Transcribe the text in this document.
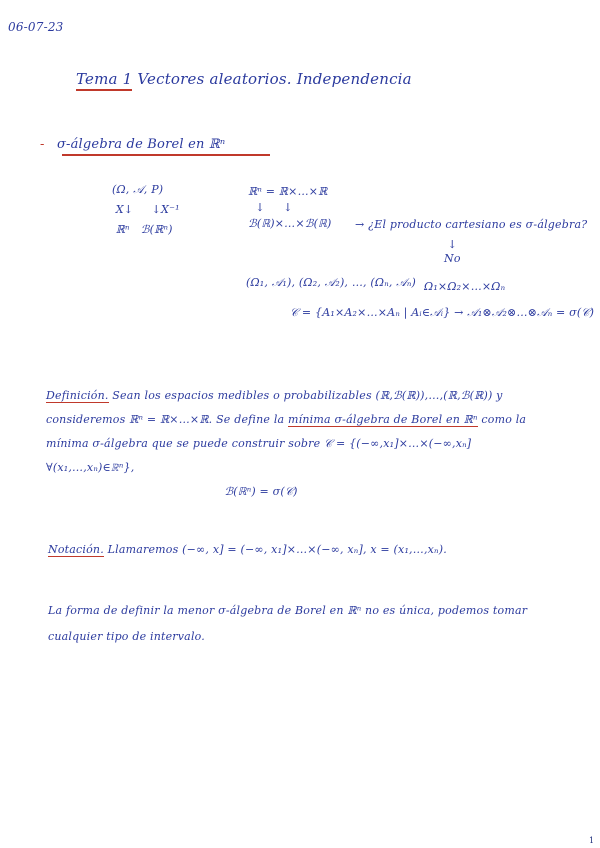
06-07-23
Tema 1 Vectores aleatorios. Independencia
- σ-álgebra de Borel en ℝⁿ
(Ω, 𝒜, P)
X↓     ↓X⁻¹
ℝⁿ   ℬ(ℝⁿ)
ℝⁿ = ℝ×…×ℝ
↓     ↓
ℬ(ℝ)×…×ℬ(ℝ) → ¿El producto cartesiano es σ-álgebra?
↓
No
(Ω₁, 𝒜₁), (Ω₂, 𝒜₂), …, (Ωₙ, 𝒜ₙ) Ω₁×Ω₂×…×Ωₙ
𝒞 = {A₁×A₂×…×Aₙ | Aᵢ∈𝒜ᵢ} → 𝒜₁⊗𝒜₂⊗…⊗𝒜ₙ = σ(𝒞)
Definición. Sean los espacios medibles o probabilizables (ℝ,ℬ(ℝ)),…,(ℝ,ℬ(ℝ)) y consideremos ℝⁿ = ℝ×…×ℝ. Se define la mínima σ-álgebra de Borel en ℝⁿ como la mínima σ-álgebra que se puede construir sobre 𝒞 = {(−∞,x₁]×…×(−∞,xₙ] ∀(x₁,…,xₙ)∈ℝⁿ},
ℬ(ℝⁿ) = σ(𝒞)
Notación. Llamaremos (−∞, x] = (−∞, x₁]×…×(−∞, xₙ], x = (x₁,…,xₙ).
La forma de definir la menor σ-álgebra de Borel en ℝⁿ no es única, podemos tomar cualquier tipo de intervalo.
1
